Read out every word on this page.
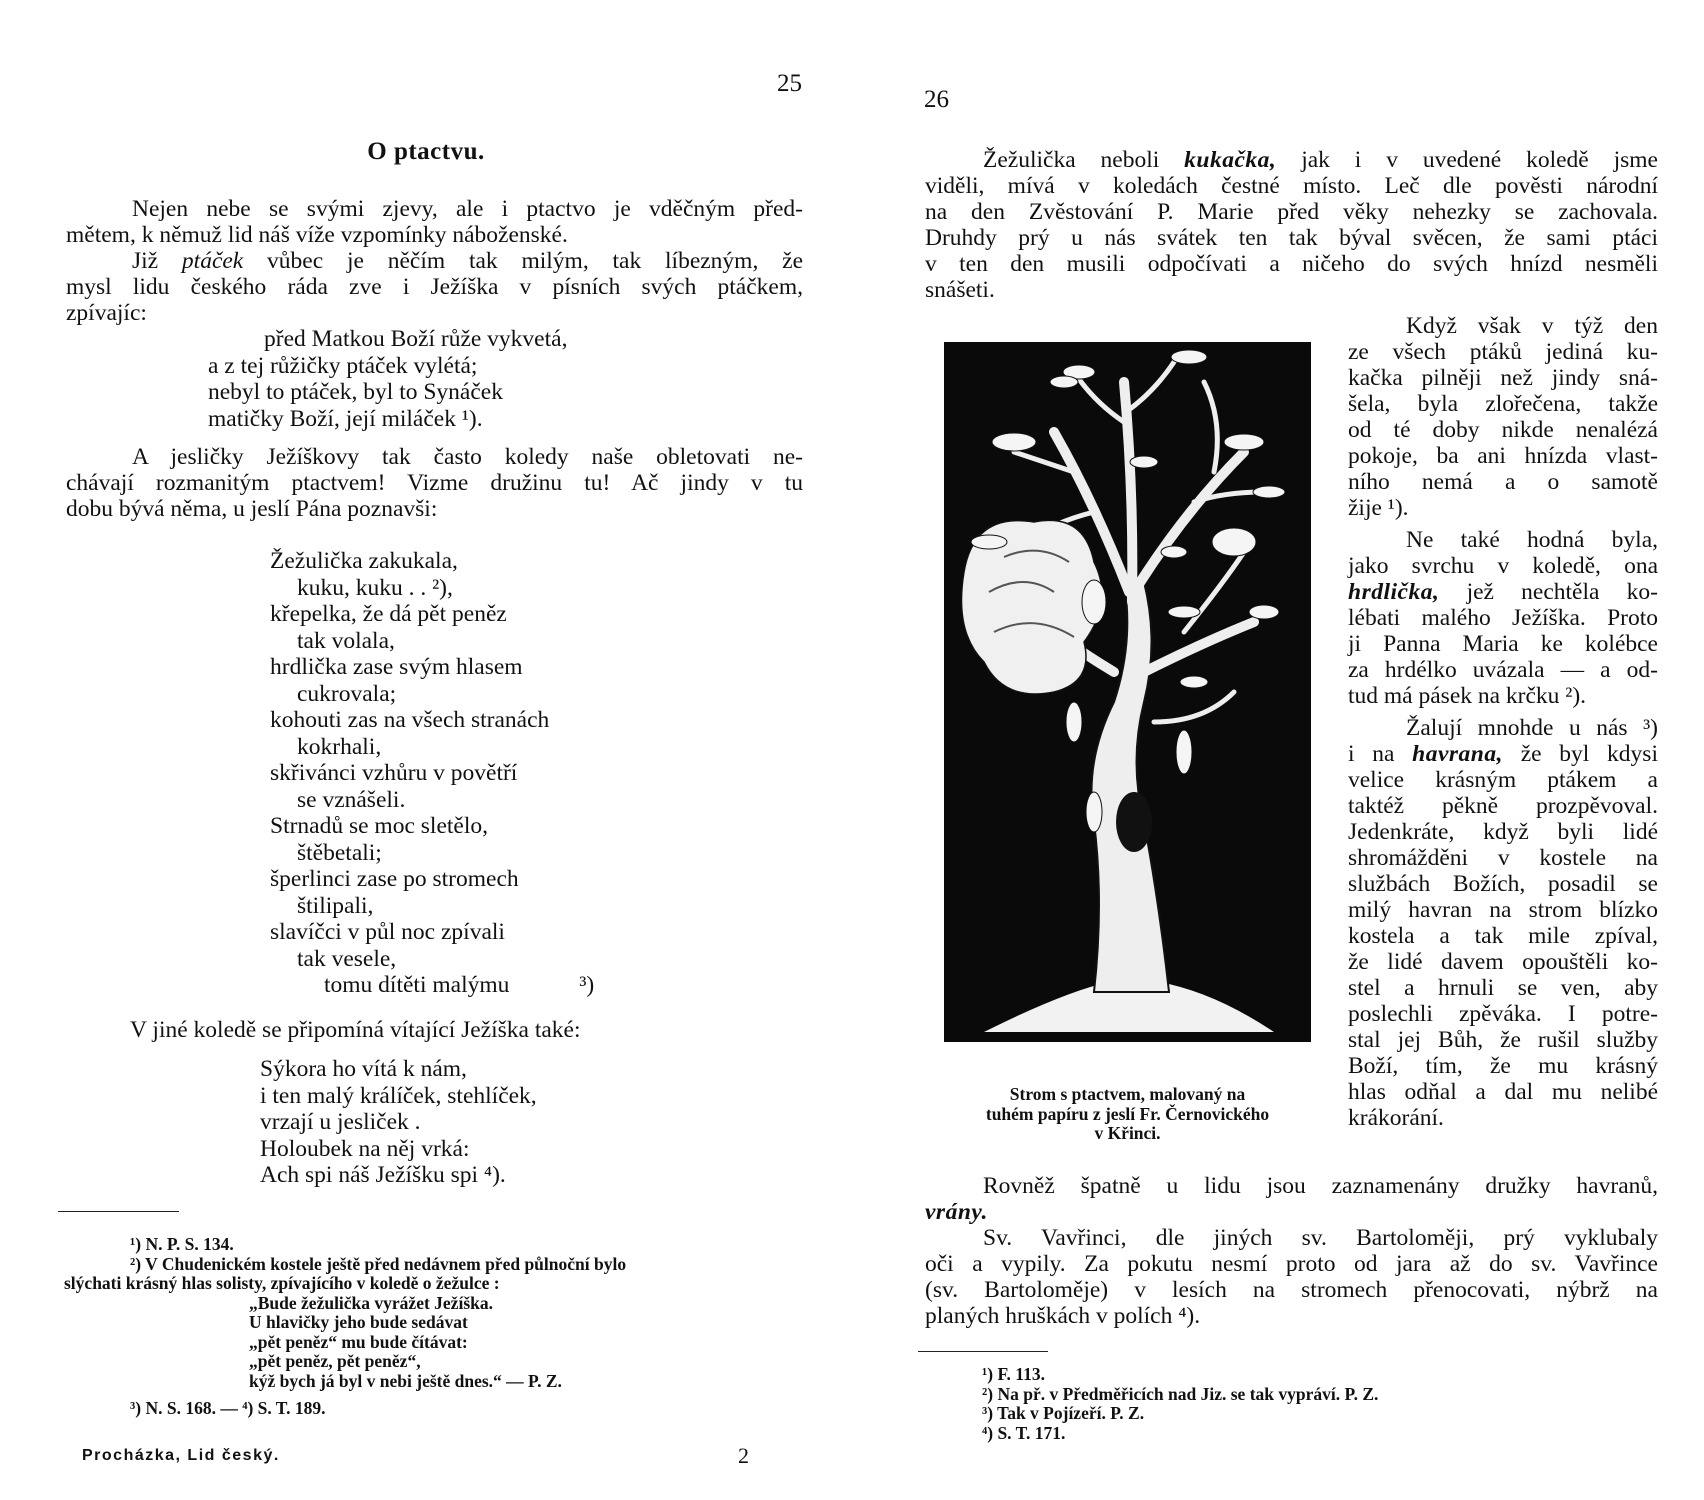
25
O ptactvu.
Nejen nebe se svými zjevy, ale i ptactvo je vděčným před-
mětem, k němuž lid náš víže vzpomínky náboženské.
Již ptáček vůbec je něčím tak milým, tak líbezným, že
mysl lidu českého ráda zve i Ježíška v písních svých ptáčkem,
zpívajíc:
před Matkou Boží růže vykvetá,
a z tej růžičky ptáček vylétá;
nebyl to ptáček, byl to Synáček
matičky Boží, její miláček ¹).
A jesličky Ježíškovy tak často koledy naše obletovati ne-
chávají rozmanitým ptactvem! Vizme družinu tu! Ač jindy v tu
dobu bývá něma, u jeslí Pána poznavši:
Žežulička zakukala,
kuku, kuku . . ²),
křepelka, že dá pět peněz
tak volala,
hrdlička zase svým hlasem
cukrovala;
kohouti zas na všech stranách
kokrhali,
skřivánci vzhůru v povětří
se vznášeli.
Strnadů se moc sletělo,
štěbetali;
šperlinci zase po stromech
štilipali,
slavíčci v půl noc zpívali
tak vesele,
tomu dítěti malýmu	³)
V jiné koledě se připomíná vítající Ježíška také:
Sýkora ho vítá k nám,
i ten malý králíček, stehlíček,
vrzají u jesliček .
Holoubek na něj vrká:
Ach spi náš Ježíšku spi ⁴).
¹) N. P. S. 134.
²) V Chudenickém kostele ještě před nedávnem před půlnoční bylo
slýchati krásný hlas solisty, zpívajícího v koledě o žežulce :
„Bude žežulička vyrážet Ježíška.
U hlavičky jeho bude sedávat
„pět peněz“ mu bude čítávat:
„pět peněz, pět peněz“,
kýž bych já byl v nebi ještě dnes.“ — P. Z.
³) N. S. 168. — ⁴) S. T. 189.
Procházka, Lid český.	2
26
Žežulička neboli kukačka, jak i v uvedené koledě jsme
viděli, mívá v koledách čestné místo. Leč dle pověsti národní
na den Zvěstování P. Marie před věky nehezky se zachovala.
Druhdy prý u nás svátek ten tak býval svěcen, že sami ptáci
v ten den musili odpočívati a ničeho do svých hnízd nesměli
snášeti.
Strom s ptactvem, malovaný na
tuhém papíru z jeslí Fr. Černovického
v Křinci.
Když však v týž den
ze všech ptáků jediná ku-
kačka pilněji než jindy sná-
šela, byla zlořečena, takže
od té doby nikde nenalézá
pokoje, ba ani hnízda vlast-
ního nemá a o samotě
žije ¹).
Ne také hodná byla,
jako svrchu v koledě, ona
hrdlička, jež nechtěla ko-
lébati malého Ježíška. Proto
ji Panna Maria ke kolébce
za hrdélko uvázala — a od-
tud má pásek na krčku ²).
Žalují mnohde u nás ³)
i na havrana, že byl kdysi
velice krásným ptákem a
taktéž pěkně prozpěvoval.
Jedenkráte, když byli lidé
shromážděni v kostele na
službách Božích, posadil se
milý havran na strom blízko
kostela a tak mile zpíval,
že lidé davem opouštěli ko-
stel a hrnuli se ven, aby
poslechli zpěváka. I potre-
stal jej Bůh, že rušil služby
Boží, tím, že mu krásný
hlas odňal a dal mu nelibé
krákorání.
Rovněž špatně u lidu jsou zaznamenány družky havranů,
vrány.
Sv. Vavřinci, dle jiných sv. Bartoloměji, prý vyklubaly
oči a vypily. Za pokutu nesmí proto od jara až do sv. Vavřince
(sv. Bartoloměje) v lesích na stromech přenocovati, nýbrž na
planých hruškách v polích ⁴).
¹) F. 113.
²) Na př. v Předměřicích nad Jiz. se tak vypráví. P. Z.
³) Tak v Pojízeří. P. Z.
⁴) S. T. 171.
